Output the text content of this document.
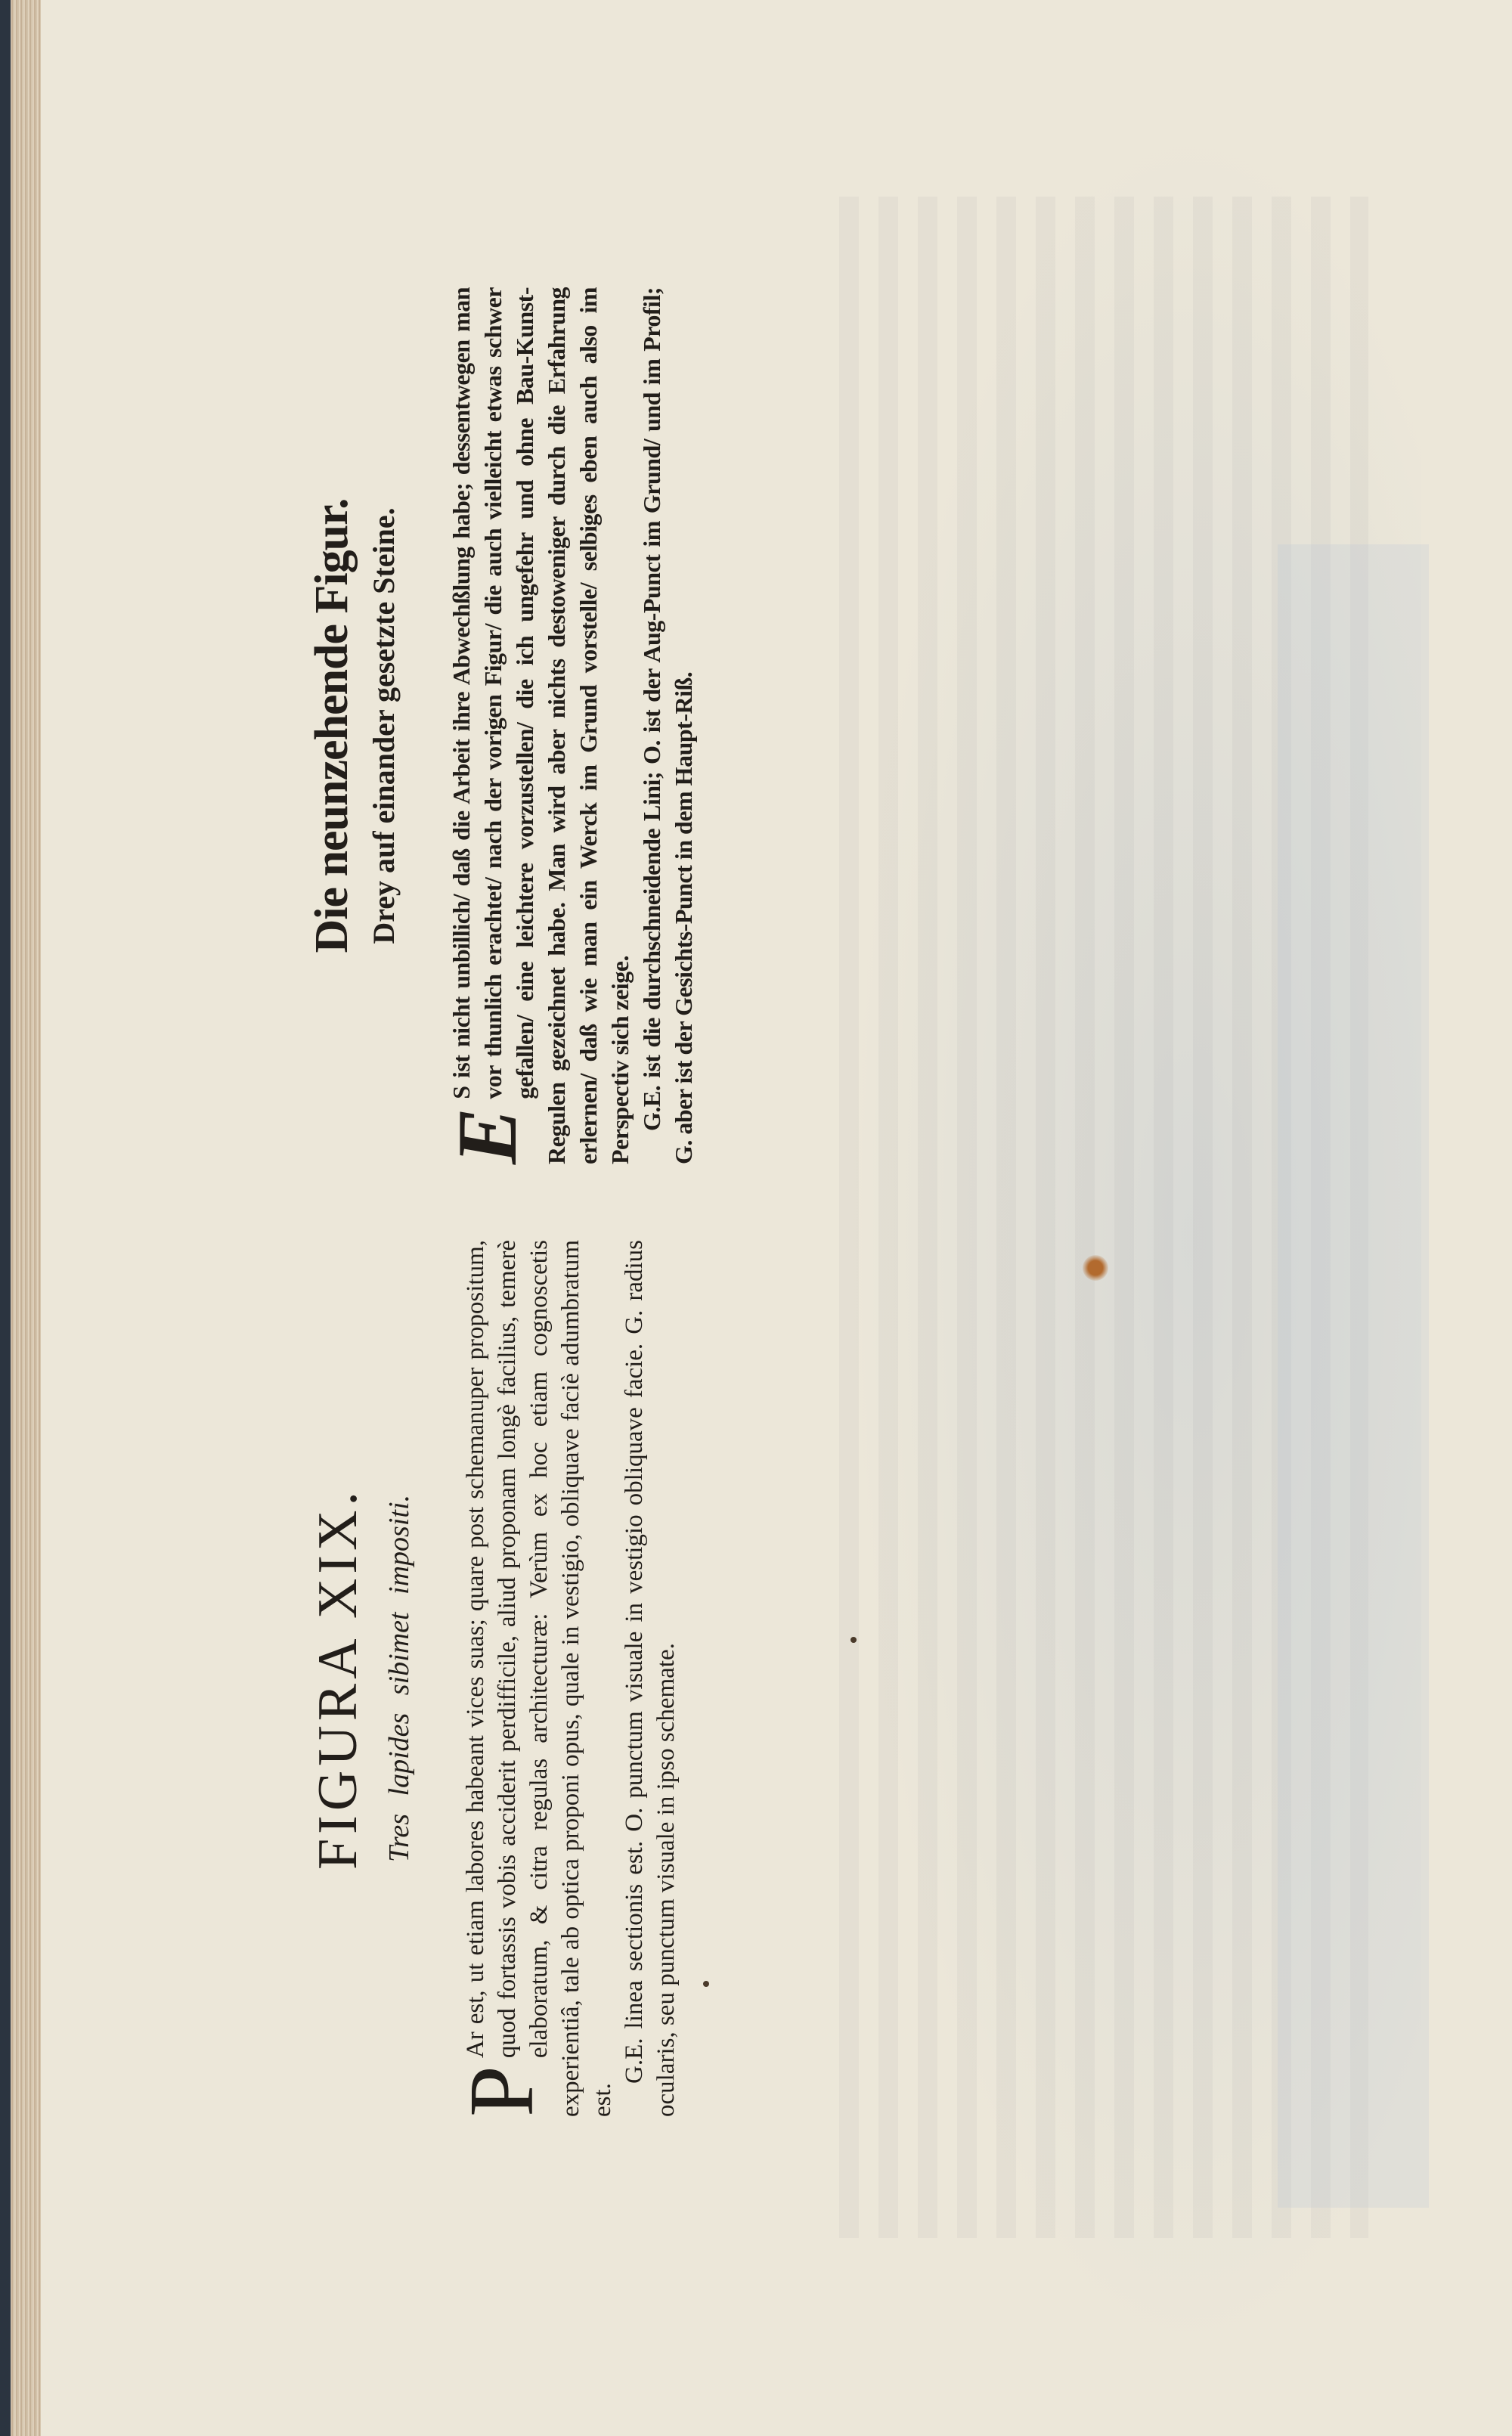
FIGURA XIX. Tres lapides sibimet impositi.

P
Ar est, ut etiam labores habeant vices suas; quare post schemanuper propositum, quod fortassis vobis acciderit perdifficile, aliud proponam longè facilius, temerè elaboratum, & citra regulas architecturæ: Verùm ex hoc etiam cognoscetis experientiâ, tale ab optica proponi opus, quale in vestigio, obliquave faciè adumbratum est.

G.E. linea sectionis est. O. punctum visuale in vestigio obliquave facie. G. radius ocularis, seu punctum visuale in ipso schemate.

Die neunzehende Figur. Drey auf einander gesetzte Steine.

E
S ist nicht unbillich/ daß die Arbeit ihre Abwechßlung habe; dessentwegen man vor thunlich erachtet/ nach der vorigen Figur/ die auch vielleicht etwas schwer gefallen/ eine leichtere vorzustellen/ die ich ungefehr und ohne Bau-Kunst-Regulen gezeichnet habe. Man wird aber nichts destoweniger durch die Erfahrung erlernen/ daß wie man ein Werck im Grund vorstelle/ selbiges eben auch also im Perspectiv sich zeige. G.E. ist die durchschneidende Lini; O. ist der Aug-Punct im Grund/ und im Profil; G. aber ist der Gesichts-Punct in dem Haupt-Riß.
